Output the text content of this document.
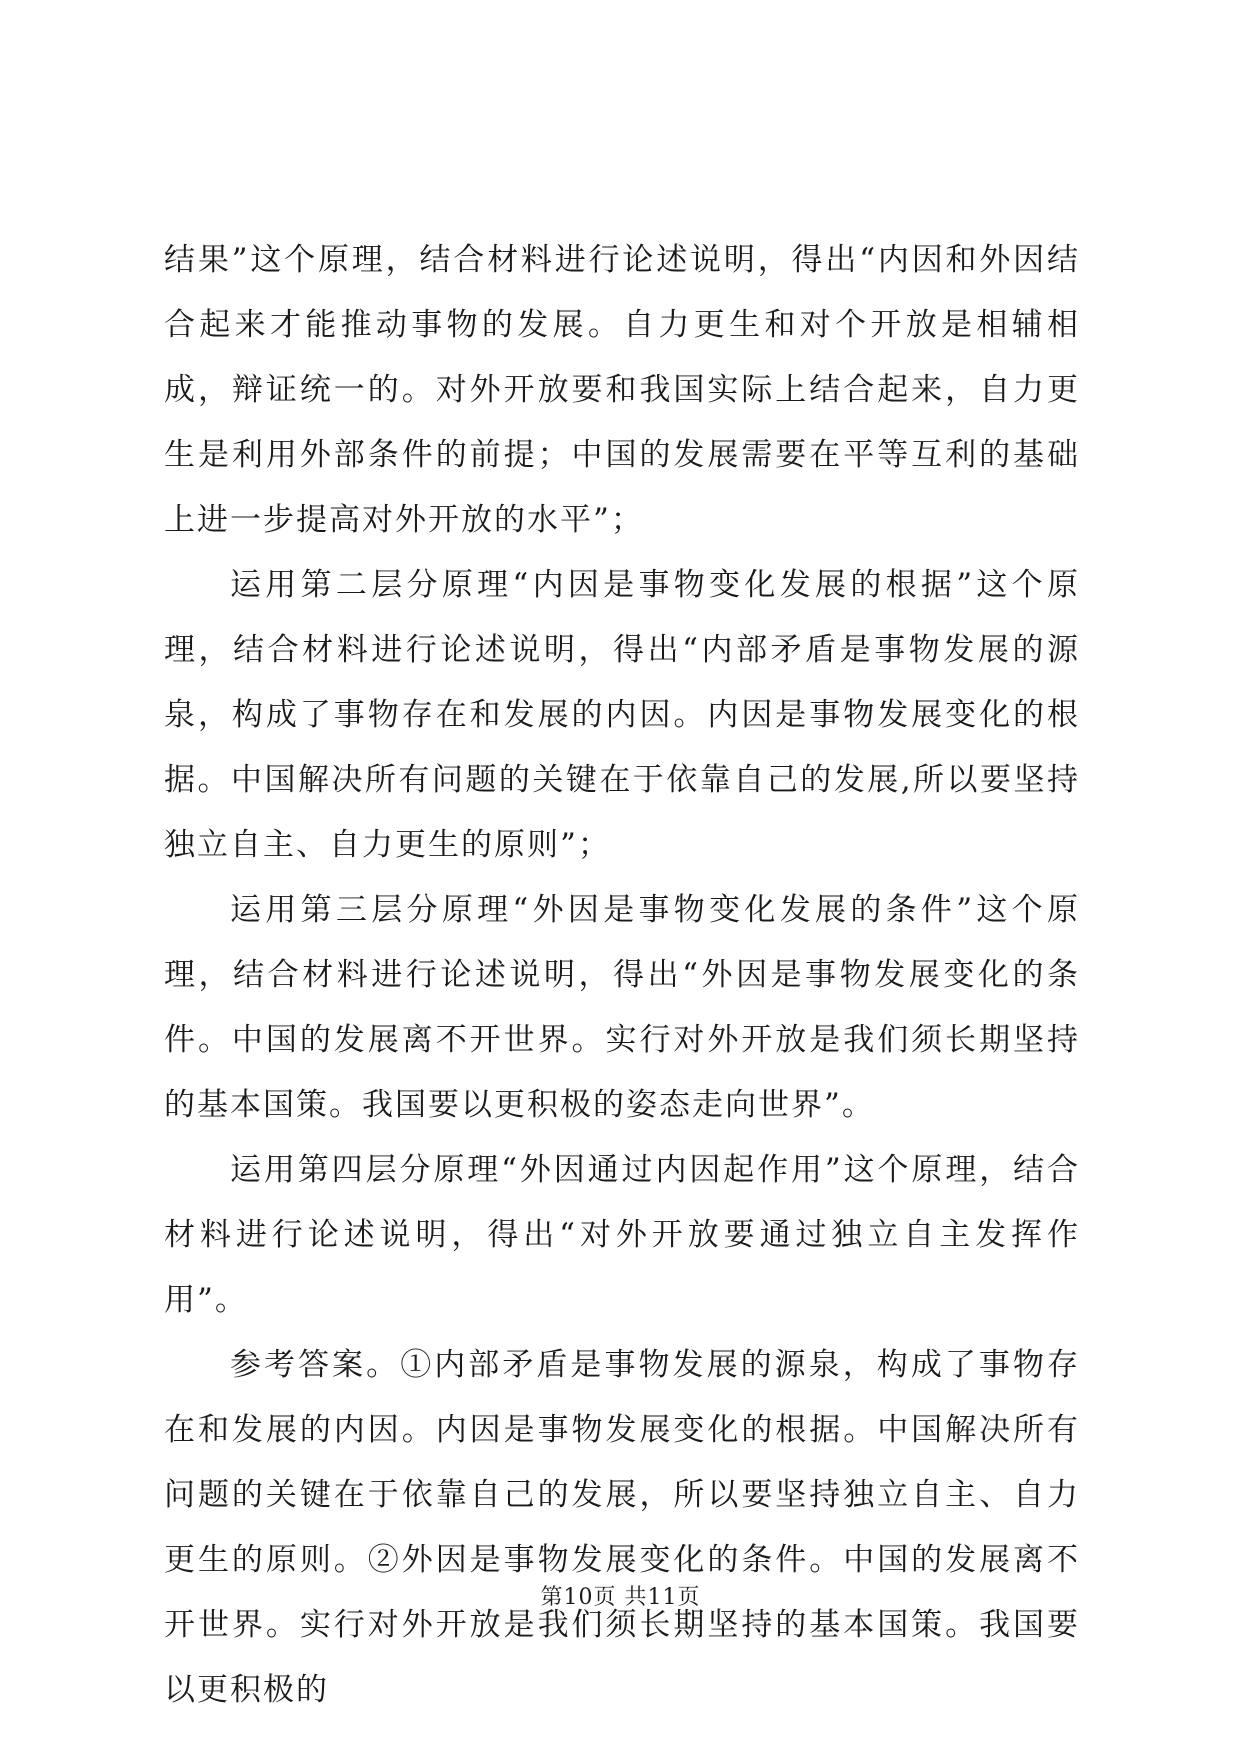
结果”这个原理，结合材料进行论述说明，得出“内因和外因结合起来才能推动事物的发展。自力更生和对个开放是相辅相成，辩证统一的。对外开放要和我国实际上结合起来，自力更生是利用外部条件的前提；中国的发展需要在平等互利的基础上进一步提高对外开放的水平”；

运用第二层分原理“内因是事物变化发展的根据”这个原理，结合材料进行论述说明，得出“内部矛盾是事物发展的源泉，构成了事物存在和发展的内因。内因是事物发展变化的根据。中国解决所有问题的关键在于依靠自己的发展,所以要坚持独立自主、自力更生的原则”；

运用第三层分原理“外因是事物变化发展的条件”这个原理，结合材料进行论述说明，得出“外因是事物发展变化的条件。中国的发展离不开世界。实行对外开放是我们须长期坚持的基本国策。我国要以更积极的姿态走向世界”。

运用第四层分原理“外因通过内因起作用”这个原理，结合材料进行论述说明，得出“对外开放要通过独立自主发挥作用”。

参考答案。①内部矛盾是事物发展的源泉，构成了事物存在和发展的内因。内因是事物发展变化的根据。中国解决所有问题的关键在于依靠自己的发展，所以要坚持独立自主、自力更生的原则。②外因是事物发展变化的条件。中国的发展离不开世界。实行对外开放是我们须长期坚持的基本国策。我国要以更积极的

第10页 共11页
